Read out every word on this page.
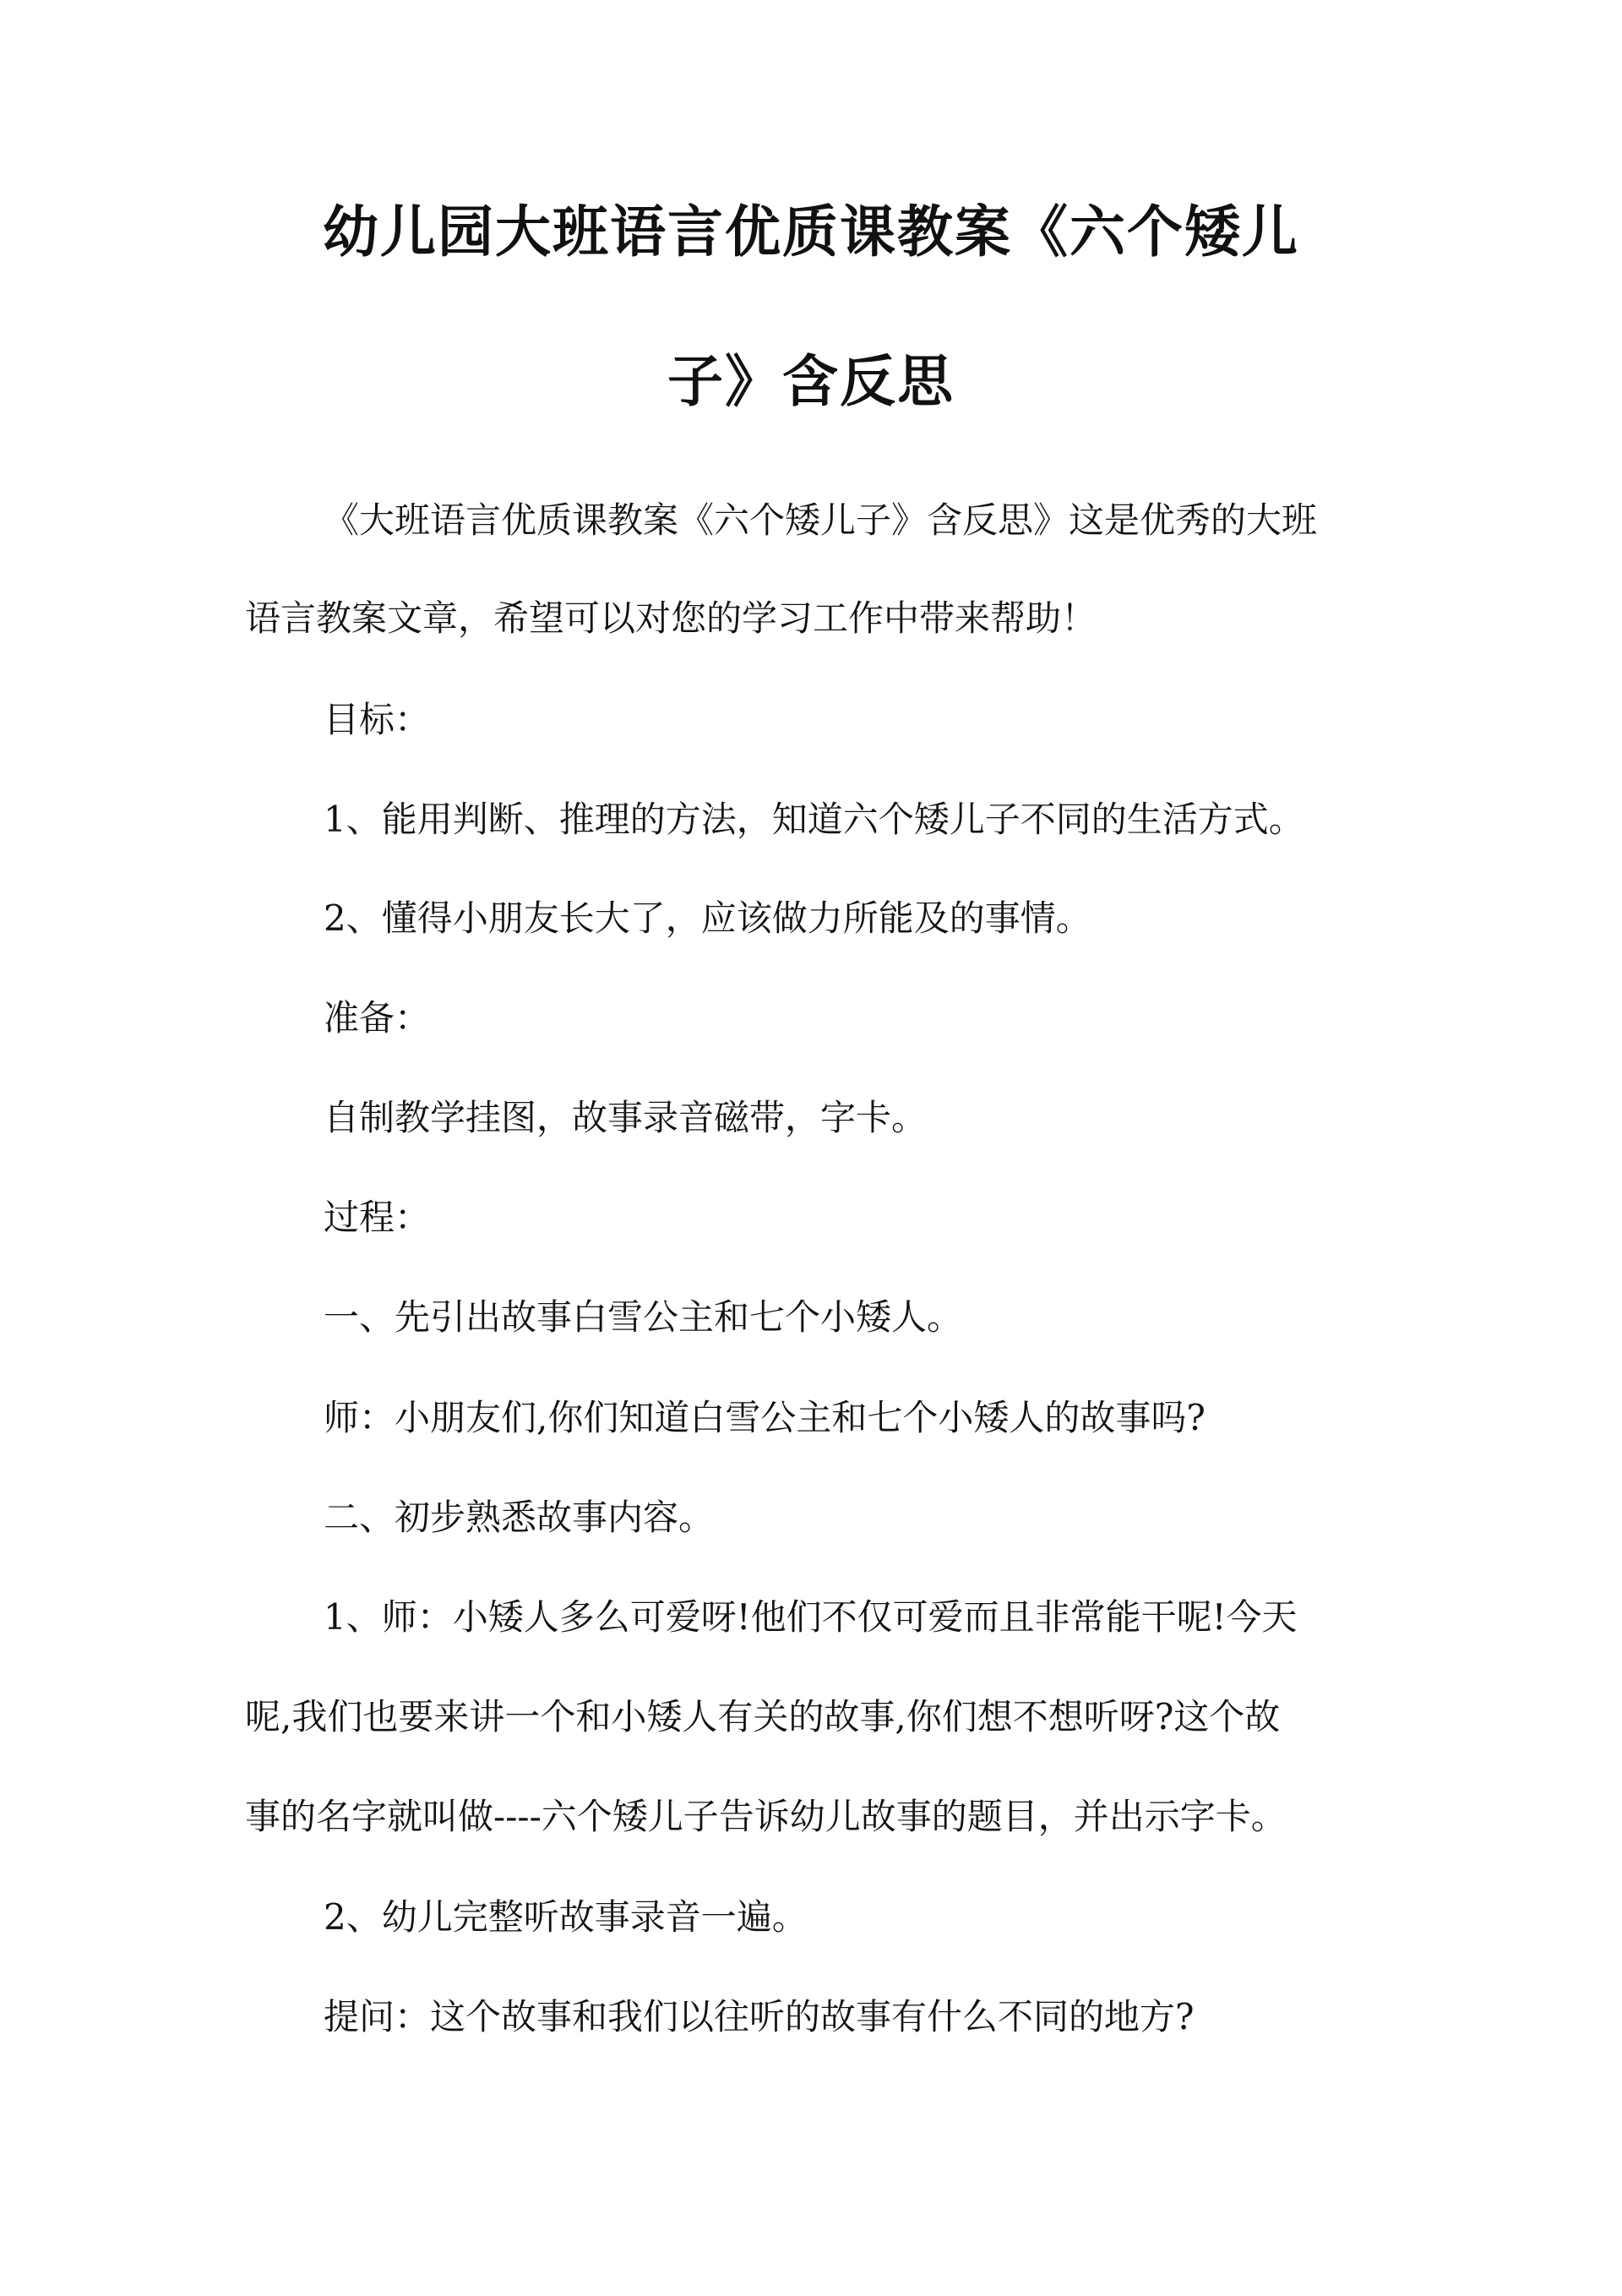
幼儿园大班语言优质课教案《六个矮儿
子》含反思
《大班语言优质课教案《六个矮儿子》含反思》这是优秀的大班
语言教案文章，希望可以对您的学习工作中带来帮助！
目标：
1、能用判断、推理的方法，知道六个矮儿子不同的生活方式。
2、懂得小朋友长大了，应该做力所能及的事情。
准备：
自制教学挂图，故事录音磁带，字卡。
过程：
一、先引出故事白雪公主和七个小矮人。
师：小朋友们,你们知道白雪公主和七个小矮人的故事吗?
二、初步熟悉故事内容。
1、师：小矮人多么可爱呀!他们不仅可爱而且非常能干呢!今天
呢,我们也要来讲一个和小矮人有关的故事,你们想不想听呀?这个故
事的名字就叫做----六个矮儿子告诉幼儿故事的题目，并出示字卡。
2、幼儿完整听故事录音一遍。
提问：这个故事和我们以往听的故事有什么不同的地方?
